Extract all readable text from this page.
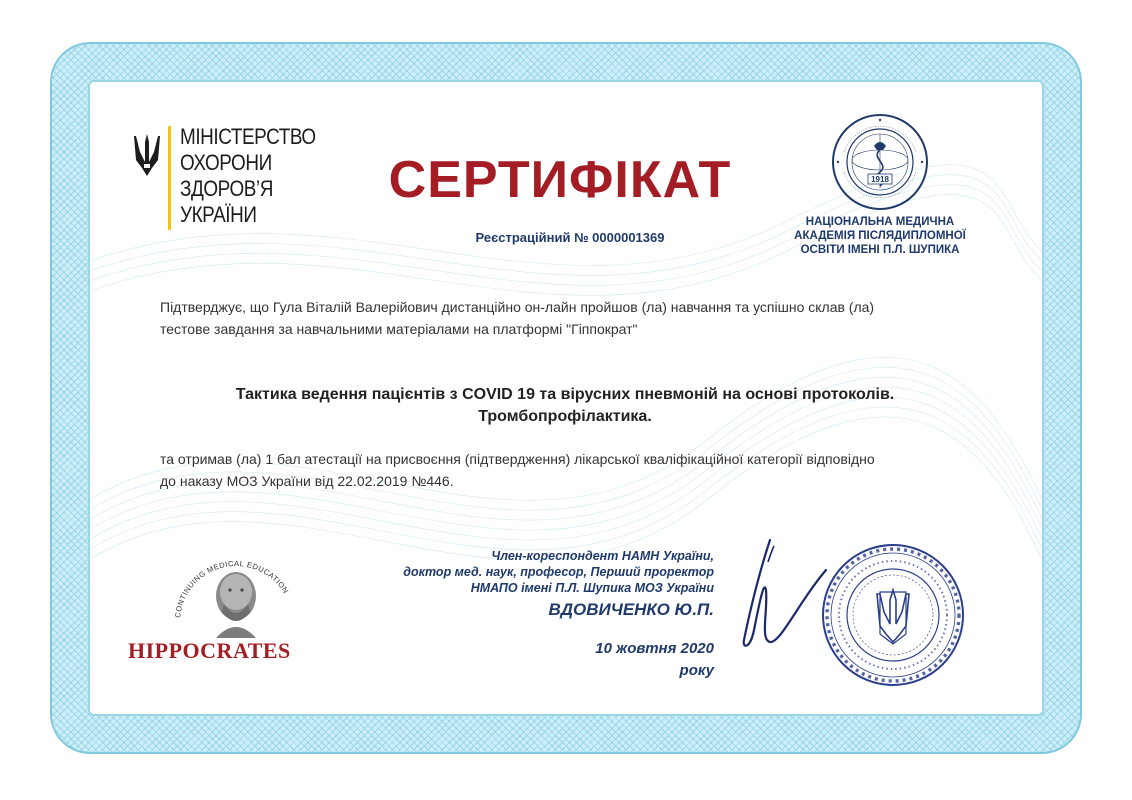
МІНІСТЕРСТВО
ОХОРОНИ
ЗДОРОВ’Я
УКРАЇНИ
СЕРТИФІКАТ
Реєстраційний № 0000001369
1918
НАЦІОНАЛЬНА МЕДИЧНА
АКАДЕМІЯ ПІСЛЯДИПЛОМНОЇ
ОСВІТИ ІМЕНІ П.Л. ШУПИКА
Підтверджує, що Гула Віталій Валерійович дистанційно он-лайн пройшов (ла) навчання та успішно склав (ла)
тестове завдання за навчальними матеріалами на платформі "Гіппократ"
Тактика ведення пацієнтів з COVID 19 та вірусних пневмоній на основі протоколів.
Тромбопрофілактика.
та отримав (ла) 1 бал атестації на присвоєння (підтвердження) лікарської кваліфікаційної категорії відповідно
до наказу МОЗ України від 22.02.2019 №446.
CONTINUING MEDICAL EDUCATION
HIPPOCRATES
Член-кореспондент НАМН України,
доктор мед. наук, професор, Перший проректор
НМАПО імені П.Л. Шупика МОЗ України
ВДОВИЧЕНКО Ю.П.
10 жовтня 2020
року
